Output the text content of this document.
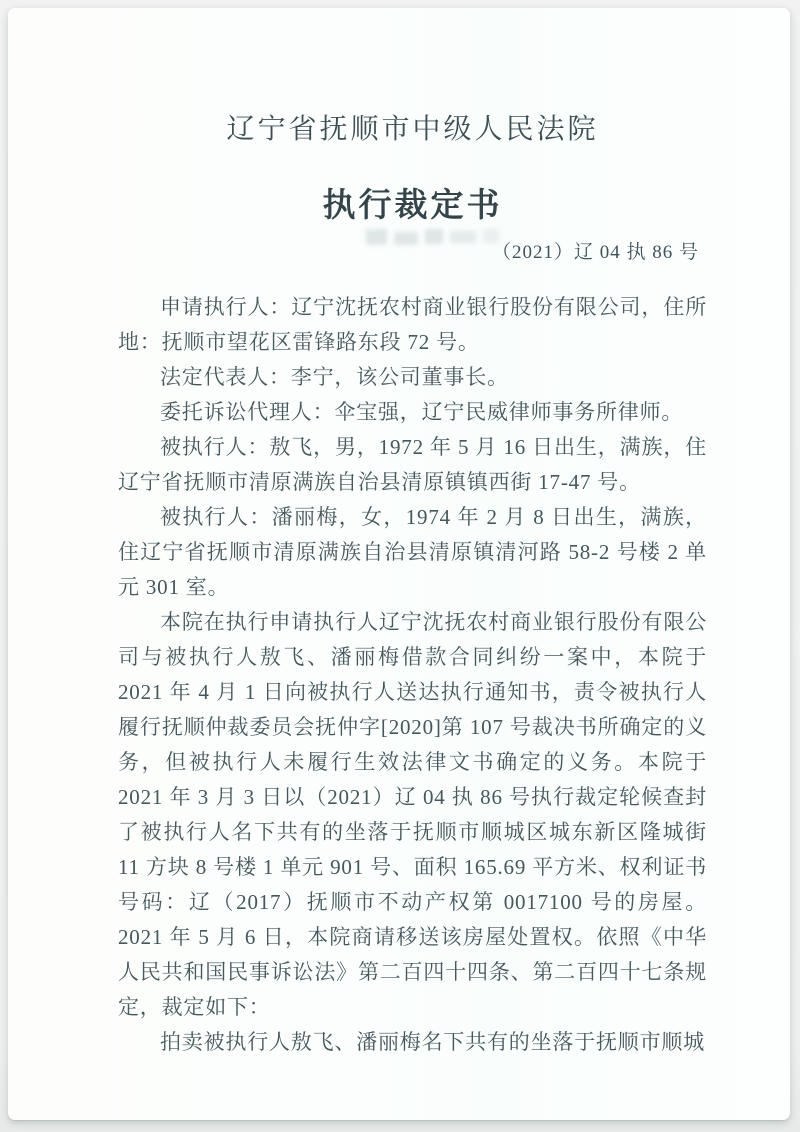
辽宁省抚顺市中级人民法院
执行裁定书
（2021）辽 04 执 86 号

申请执行人：辽宁沈抚农村商业银行股份有限公司，住所地：抚顺市望花区雷锋路东段 72 号。

法定代表人：李宁，该公司董事长。

委托诉讼代理人：伞宝强，辽宁民威律师事务所律师。

被执行人：敖飞，男，1972 年 5 月 16 日出生，满族，住辽宁省抚顺市清原满族自治县清原镇镇西街 17-47 号。

被执行人：潘丽梅，女，1974 年 2 月 8 日出生，满族，住辽宁省抚顺市清原满族自治县清原镇清河路 58-2 号楼 2 单元 301 室。

本院在执行申请执行人辽宁沈抚农村商业银行股份有限公司与被执行人敖飞、潘丽梅借款合同纠纷一案中，本院于 2021 年 4 月 1 日向被执行人送达执行通知书，责令被执行人履行抚顺仲裁委员会抚仲字[2020]第 107 号裁决书所确定的义务，但被执行人未履行生效法律文书确定的义务。本院于 2021 年 3 月 3 日以（2021）辽 04 执 86 号执行裁定轮候查封了被执行人名下共有的坐落于抚顺市顺城区城东新区隆城街 11 方块 8 号楼 1 单元 901 号、面积 165.69 平方米、权利证书号码：辽（2017）抚顺市不动产权第 0017100 号的房屋。2021 年 5 月 6 日，本院商请移送该房屋处置权。依照《中华人民共和国民事诉讼法》第二百四十四条、第二百四十七条规定，裁定如下：

拍卖被执行人敖飞、潘丽梅名下共有的坐落于抚顺市顺城
